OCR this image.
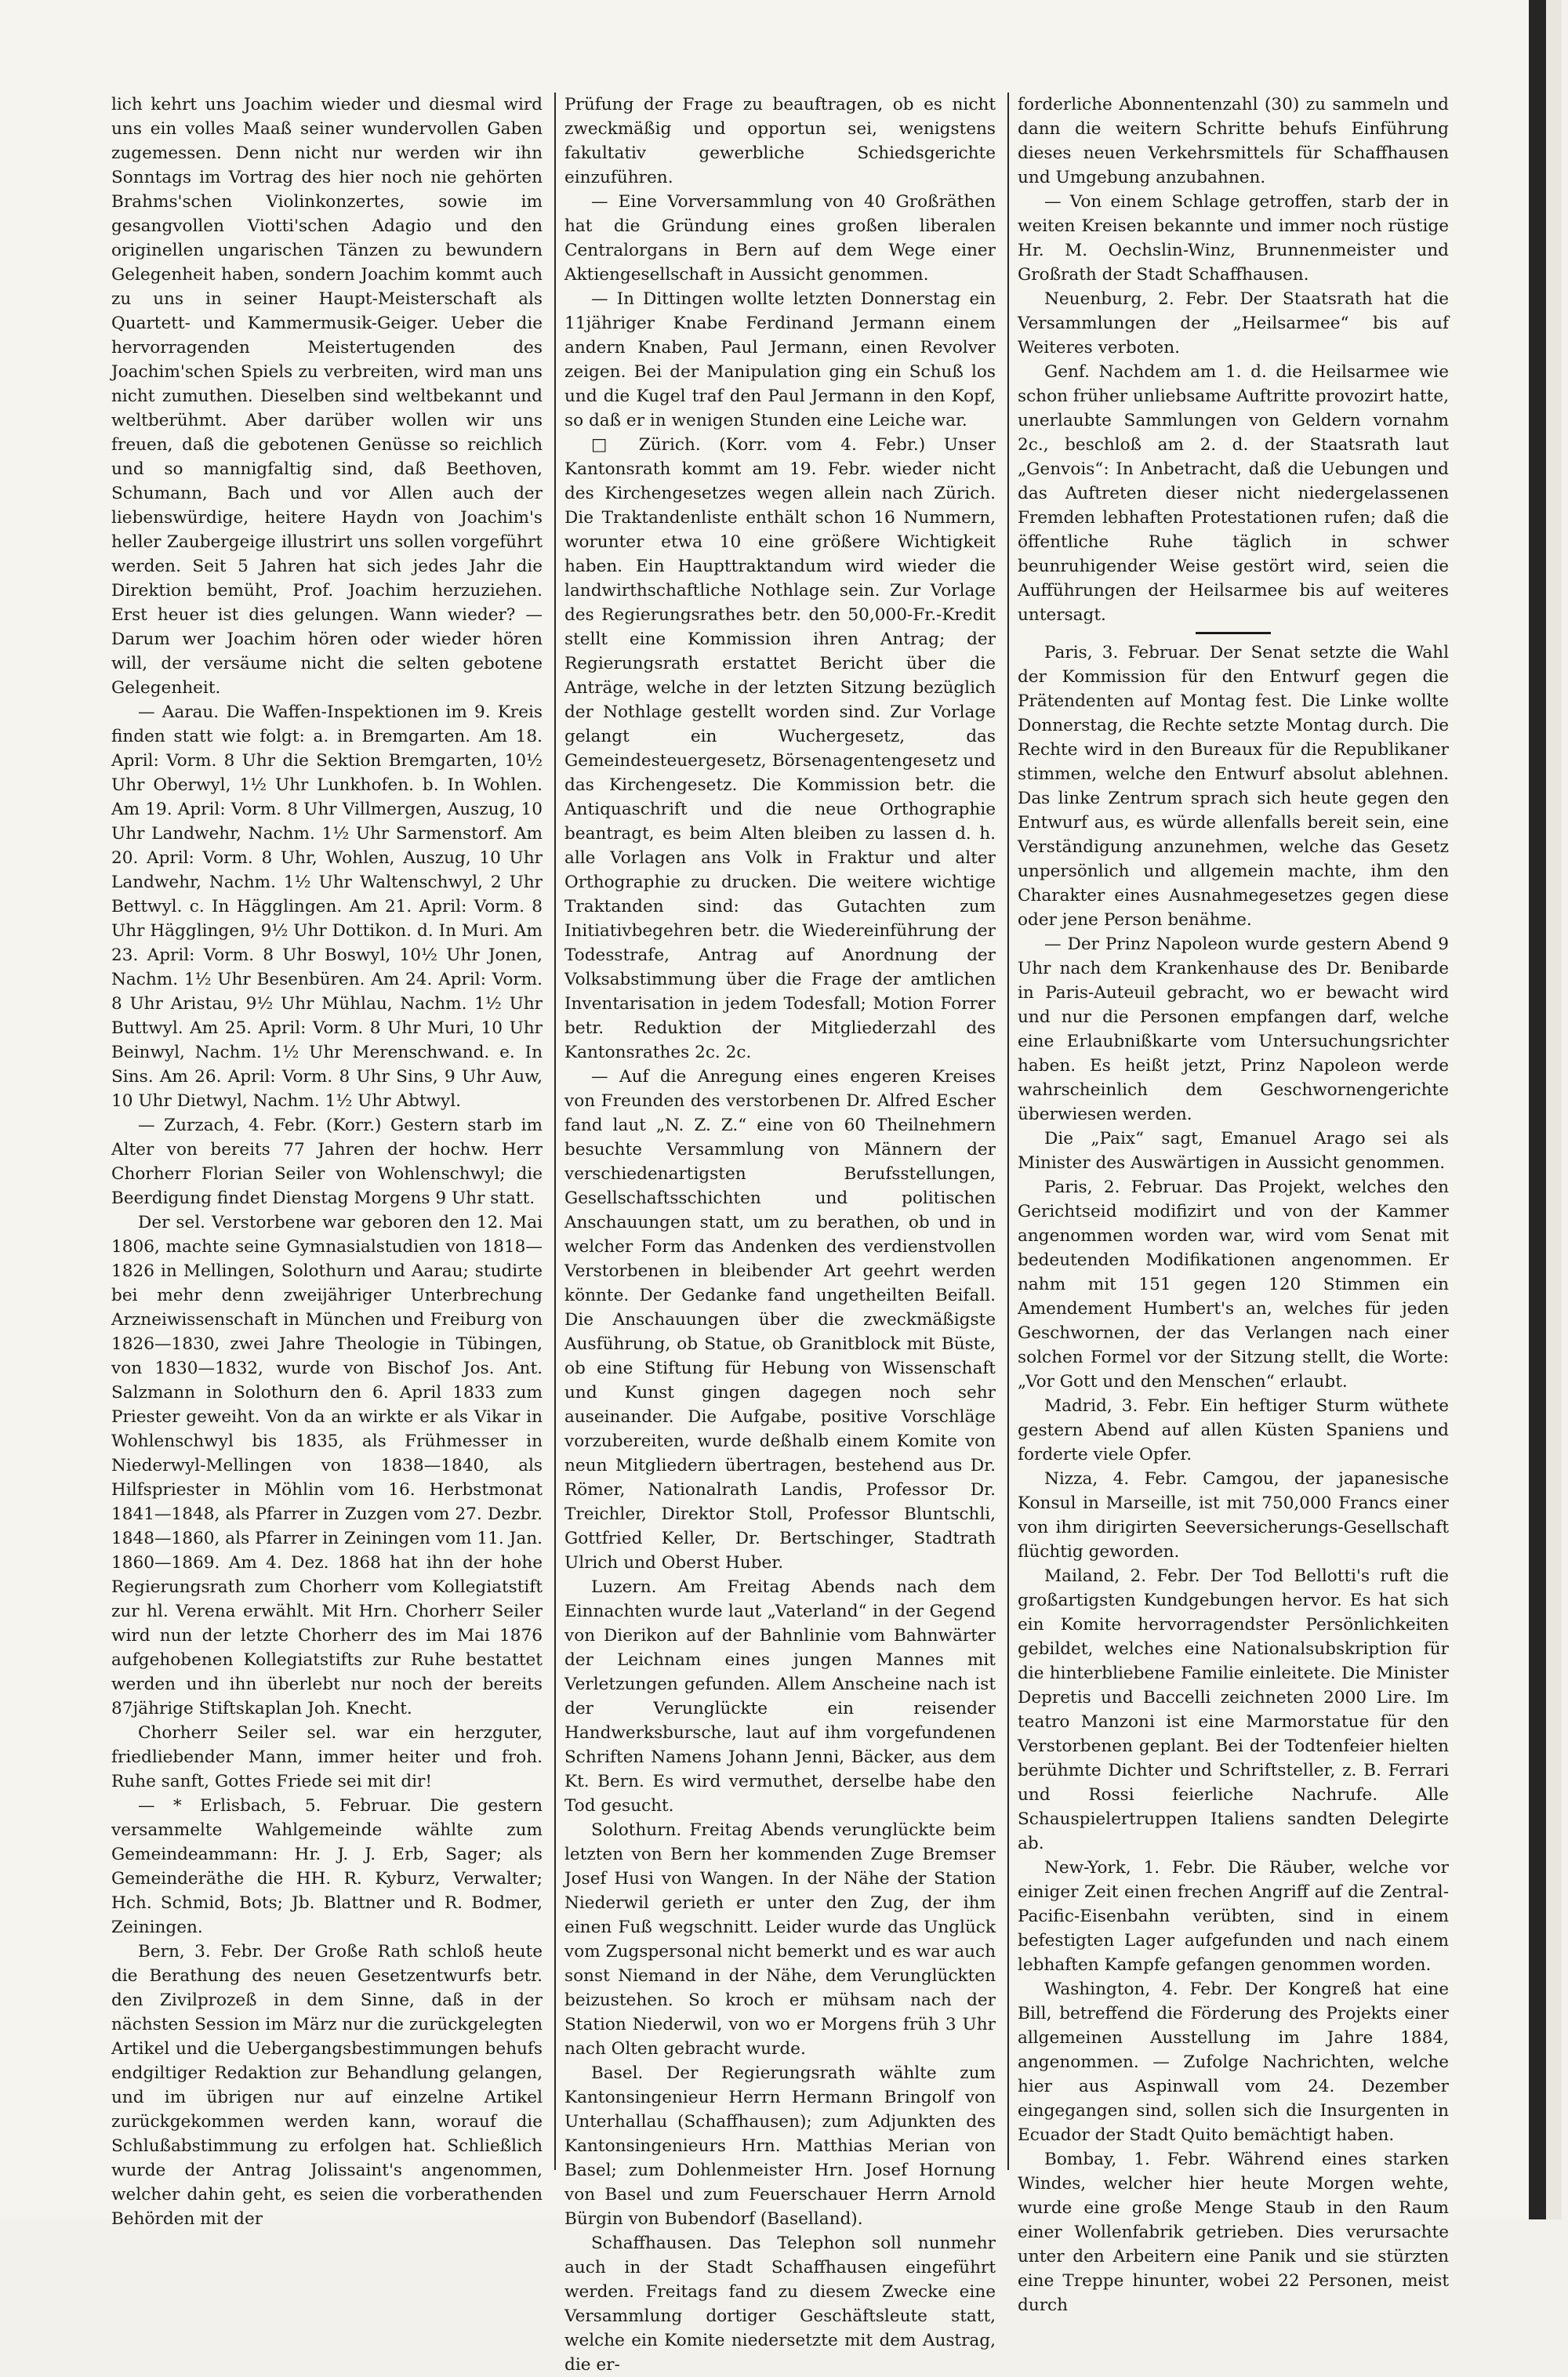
lich kehrt uns Joachim wieder und diesmal wird uns ein volles Maaß seiner wundervollen Gaben zugemessen. Denn nicht nur werden wir ihn Sonntags im Vortrag des hier noch nie gehörten Brahms'schen Violinkonzertes, sowie im gesangvollen Viotti'schen Adagio und den originellen ungarischen Tänzen zu bewundern Gelegenheit haben, sondern Joachim kommt auch zu uns in seiner Haupt-Meisterschaft als Quartett- und Kammermusik-Geiger. Ueber die hervorragenden Meistertugenden des Joachim'schen Spiels zu verbreiten, wird man uns nicht zumuthen. Dieselben sind weltbekannt und weltberühmt. Aber darüber wollen wir uns freuen, daß die gebotenen Genüsse so reichlich und so mannigfaltig sind, daß Beethoven, Schumann, Bach und vor Allen auch der liebenswürdige, heitere Haydn von Joachim's heller Zaubergeige illustrirt uns sollen vorgeführt werden. Seit 5 Jahren hat sich jedes Jahr die Direktion bemüht, Prof. Joachim herzuziehen. Erst heuer ist dies gelungen. Wann wieder? — Darum wer Joachim hören oder wieder hören will, der versäume nicht die selten gebotene Gelegenheit.

— Aarau. Die Waffen-Inspektionen im 9. Kreis finden statt wie folgt: a. in Bremgarten. Am 18. April: Vorm. 8 Uhr die Sektion Bremgarten, 10½ Uhr Oberwyl, 1½ Uhr Lunkhofen. b. In Wohlen. Am 19. April: Vorm. 8 Uhr Villmergen, Auszug, 10 Uhr Landwehr, Nachm. 1½ Uhr Sarmenstorf. Am 20. April: Vorm. 8 Uhr, Wohlen, Auszug, 10 Uhr Landwehr, Nachm. 1½ Uhr Waltenschwyl, 2 Uhr Bettwyl. c. In Hägglingen. Am 21. April: Vorm. 8 Uhr Hägglingen, 9½ Uhr Dottikon. d. In Muri. Am 23. April: Vorm. 8 Uhr Boswyl, 10½ Uhr Jonen, Nachm. 1½ Uhr Besenbüren. Am 24. April: Vorm. 8 Uhr Aristau, 9½ Uhr Mühlau, Nachm. 1½ Uhr Buttwyl. Am 25. April: Vorm. 8 Uhr Muri, 10 Uhr Beinwyl, Nachm. 1½ Uhr Merenschwand. e. In Sins. Am 26. April: Vorm. 8 Uhr Sins, 9 Uhr Auw, 10 Uhr Dietwyl, Nachm. 1½ Uhr Abtwyl.

— Zurzach, 4. Febr. (Korr.) Gestern starb im Alter von bereits 77 Jahren der hochw. Herr Chorherr Florian Seiler von Wohlenschwyl; die Beerdigung findet Dienstag Morgens 9 Uhr statt.

Der sel. Verstorbene war geboren den 12. Mai 1806, machte seine Gymnasialstudien von 1818—1826 in Mellingen, Solothurn und Aarau; studirte bei mehr denn zweijähriger Unterbrechung Arzneiwissenschaft in München und Freiburg von 1826—1830, zwei Jahre Theologie in Tübingen, von 1830—1832, wurde von Bischof Jos. Ant. Salzmann in Solothurn den 6. April 1833 zum Priester geweiht. Von da an wirkte er als Vikar in Wohlenschwyl bis 1835, als Frühmesser in Niederwyl-Mellingen von 1838—1840, als Hilfspriester in Möhlin vom 16. Herbstmonat 1841—1848, als Pfarrer in Zuzgen vom 27. Dezbr. 1848—1860, als Pfarrer in Zeiningen vom 11. Jan. 1860—1869. Am 4. Dez. 1868 hat ihn der hohe Regierungsrath zum Chorherr vom Kollegiatstift zur hl. Verena erwählt. Mit Hrn. Chorherr Seiler wird nun der letzte Chorherr des im Mai 1876 aufgehobenen Kollegiatstifts zur Ruhe bestattet werden und ihn überlebt nur noch der bereits 87jährige Stiftskaplan Joh. Knecht.

Chorherr Seiler sel. war ein herzguter, friedliebender Mann, immer heiter und froh. Ruhe sanft, Gottes Friede sei mit dir!

— * Erlisbach, 5. Februar. Die gestern versammelte Wahlgemeinde wählte zum Gemeindeammann: Hr. J. J. Erb, Sager; als Gemeinderäthe die HH. R. Kyburz, Verwalter; Hch. Schmid, Bots; Jb. Blattner und R. Bodmer, Zeiningen.

Bern, 3. Febr. Der Große Rath schloß heute die Berathung des neuen Gesetzentwurfs betr. den Zivilprozeß in dem Sinne, daß in der nächsten Session im März nur die zurückgelegten Artikel und die Uebergangsbestimmungen behufs endgiltiger Redaktion zur Behandlung gelangen, und im übrigen nur auf einzelne Artikel zurückgekommen werden kann, worauf die Schlußabstimmung zu erfolgen hat. Schließlich wurde der Antrag Jolissaint's angenommen, welcher dahin geht, es seien die vorberathenden Behörden mit der

Prüfung der Frage zu beauftragen, ob es nicht zweckmäßig und opportun sei, wenigstens fakultativ gewerbliche Schiedsgerichte einzuführen.

— Eine Vorversammlung von 40 Großräthen hat die Gründung eines großen liberalen Centralorgans in Bern auf dem Wege einer Aktiengesellschaft in Aussicht genommen.

— In Dittingen wollte letzten Donnerstag ein 11jähriger Knabe Ferdinand Jermann einem andern Knaben, Paul Jermann, einen Revolver zeigen. Bei der Manipulation ging ein Schuß los und die Kugel traf den Paul Jermann in den Kopf, so daß er in wenigen Stunden eine Leiche war.

□ Zürich. (Korr. vom 4. Febr.) Unser Kantonsrath kommt am 19. Febr. wieder nicht des Kirchengesetzes wegen allein nach Zürich. Die Traktandenliste enthält schon 16 Nummern, worunter etwa 10 eine größere Wichtigkeit haben. Ein Haupttraktandum wird wieder die landwirthschaftliche Nothlage sein. Zur Vorlage des Regierungsrathes betr. den 50,000-Fr.-Kredit stellt eine Kommission ihren Antrag; der Regierungsrath erstattet Bericht über die Anträge, welche in der letzten Sitzung bezüglich der Nothlage gestellt worden sind. Zur Vorlage gelangt ein Wuchergesetz, das Gemeindesteuergesetz, Börsenagentengesetz und das Kirchengesetz. Die Kommission betr. die Antiquaschrift und die neue Orthographie beantragt, es beim Alten bleiben zu lassen d. h. alle Vorlagen ans Volk in Fraktur und alter Orthographie zu drucken. Die weitere wichtige Traktanden sind: das Gutachten zum Initiativbegehren betr. die Wiedereinführung der Todesstrafe, Antrag auf Anordnung der Volksabstimmung über die Frage der amtlichen Inventarisation in jedem Todesfall; Motion Forrer betr. Reduktion der Mitgliederzahl des Kantonsrathes 2c. 2c.

— Auf die Anregung eines engeren Kreises von Freunden des verstorbenen Dr. Alfred Escher fand laut „N. Z. Z.“ eine von 60 Theilnehmern besuchte Versammlung von Männern der verschiedenartigsten Berufsstellungen, Gesellschaftsschichten und politischen Anschauungen statt, um zu berathen, ob und in welcher Form das Andenken des verdienstvollen Verstorbenen in bleibender Art geehrt werden könnte. Der Gedanke fand ungetheilten Beifall. Die Anschauungen über die zweckmäßigste Ausführung, ob Statue, ob Granitblock mit Büste, ob eine Stiftung für Hebung von Wissenschaft und Kunst gingen dagegen noch sehr auseinander. Die Aufgabe, positive Vorschläge vorzubereiten, wurde deßhalb einem Komite von neun Mitgliedern übertragen, bestehend aus Dr. Römer, Nationalrath Landis, Professor Dr. Treichler, Direktor Stoll, Professor Bluntschli, Gottfried Keller, Dr. Bertschinger, Stadtrath Ulrich und Oberst Huber.

Luzern. Am Freitag Abends nach dem Einnachten wurde laut „Vaterland“ in der Gegend von Dierikon auf der Bahnlinie vom Bahnwärter der Leichnam eines jungen Mannes mit Verletzungen gefunden. Allem Anscheine nach ist der Verunglückte ein reisender Handwerksbursche, laut auf ihm vorgefundenen Schriften Namens Johann Jenni, Bäcker, aus dem Kt. Bern. Es wird vermuthet, derselbe habe den Tod gesucht.

Solothurn. Freitag Abends verunglückte beim letzten von Bern her kommenden Zuge Bremser Josef Husi von Wangen. In der Nähe der Station Niederwil gerieth er unter den Zug, der ihm einen Fuß wegschnitt. Leider wurde das Unglück vom Zugspersonal nicht bemerkt und es war auch sonst Niemand in der Nähe, dem Verunglückten beizustehen. So kroch er mühsam nach der Station Niederwil, von wo er Morgens früh 3 Uhr nach Olten gebracht wurde.

Basel. Der Regierungsrath wählte zum Kantonsingenieur Herrn Hermann Bringolf von Unterhallau (Schaffhausen); zum Adjunkten des Kantonsingenieurs Hrn. Matthias Merian von Basel; zum Dohlenmeister Hrn. Josef Hornung von Basel und zum Feuerschauer Herrn Arnold Bürgin von Bubendorf (Baselland).

Schaffhausen. Das Telephon soll nunmehr auch in der Stadt Schaffhausen eingeführt werden. Freitags fand zu diesem Zwecke eine Versammlung dortiger Geschäftsleute statt, welche ein Komite niedersetzte mit dem Austrag, die er-

forderliche Abonnentenzahl (30) zu sammeln und dann die weitern Schritte behufs Einführung dieses neuen Verkehrsmittels für Schaffhausen und Umgebung anzubahnen.

— Von einem Schlage getroffen, starb der in weiten Kreisen bekannte und immer noch rüstige Hr. M. Oechslin-Winz, Brunnenmeister und Großrath der Stadt Schaffhausen.

Neuenburg, 2. Febr. Der Staatsrath hat die Versammlungen der „Heilsarmee“ bis auf Weiteres verboten.

Genf. Nachdem am 1. d. die Heilsarmee wie schon früher unliebsame Auftritte provozirt hatte, unerlaubte Sammlungen von Geldern vornahm 2c., beschloß am 2. d. der Staatsrath laut „Genvois“: In Anbetracht, daß die Uebungen und das Auftreten dieser nicht niedergelassenen Fremden lebhaften Protestationen rufen; daß die öffentliche Ruhe täglich in schwer beunruhigender Weise gestört wird, seien die Aufführungen der Heilsarmee bis auf weiteres untersagt.

Paris, 3. Februar. Der Senat setzte die Wahl der Kommission für den Entwurf gegen die Prätendenten auf Montag fest. Die Linke wollte Donnerstag, die Rechte setzte Montag durch. Die Rechte wird in den Bureaux für die Republikaner stimmen, welche den Entwurf absolut ablehnen. Das linke Zentrum sprach sich heute gegen den Entwurf aus, es würde allenfalls bereit sein, eine Verständigung anzunehmen, welche das Gesetz unpersönlich und allgemein machte, ihm den Charakter eines Ausnahmegesetzes gegen diese oder jene Person benähme.

— Der Prinz Napoleon wurde gestern Abend 9 Uhr nach dem Krankenhause des Dr. Benibarde in Paris-Auteuil gebracht, wo er bewacht wird und nur die Personen empfangen darf, welche eine Erlaubnißkarte vom Untersuchungsrichter haben. Es heißt jetzt, Prinz Napoleon werde wahrscheinlich dem Geschwornengerichte überwiesen werden.

Die „Paix“ sagt, Emanuel Arago sei als Minister des Auswärtigen in Aussicht genommen.

Paris, 2. Februar. Das Projekt, welches den Gerichtseid modifizirt und von der Kammer angenommen worden war, wird vom Senat mit bedeutenden Modifikationen angenommen. Er nahm mit 151 gegen 120 Stimmen ein Amendement Humbert's an, welches für jeden Geschwornen, der das Verlangen nach einer solchen Formel vor der Sitzung stellt, die Worte: „Vor Gott und den Menschen“ erlaubt.

Madrid, 3. Febr. Ein heftiger Sturm wüthete gestern Abend auf allen Küsten Spaniens und forderte viele Opfer.

Nizza, 4. Febr. Camgou, der japanesische Konsul in Marseille, ist mit 750,000 Francs einer von ihm dirigirten Seeversicherungs-Gesellschaft flüchtig geworden.

Mailand, 2. Febr. Der Tod Bellotti's ruft die großartigsten Kundgebungen hervor. Es hat sich ein Komite hervorragendster Persönlichkeiten gebildet, welches eine Nationalsubskription für die hinterbliebene Familie einleitete. Die Minister Depretis und Baccelli zeichneten 2000 Lire. Im teatro Manzoni ist eine Marmorstatue für den Verstorbenen geplant. Bei der Todtenfeier hielten berühmte Dichter und Schriftsteller, z. B. Ferrari und Rossi feierliche Nachrufe. Alle Schauspielertruppen Italiens sandten Delegirte ab.

New-York, 1. Febr. Die Räuber, welche vor einiger Zeit einen frechen Angriff auf die Zentral-Pacific-Eisenbahn verübten, sind in einem befestigten Lager aufgefunden und nach einem lebhaften Kampfe gefangen genommen worden.

Washington, 4. Febr. Der Kongreß hat eine Bill, betreffend die Förderung des Projekts einer allgemeinen Ausstellung im Jahre 1884, angenommen. — Zufolge Nachrichten, welche hier aus Aspinwall vom 24. Dezember eingegangen sind, sollen sich die Insurgenten in Ecuador der Stadt Quito bemächtigt haben.

Bombay, 1. Febr. Während eines starken Windes, welcher hier heute Morgen wehte, wurde eine große Menge Staub in den Raum einer Wollenfabrik getrieben. Dies verursachte unter den Arbeitern eine Panik und sie stürzten eine Treppe hinunter, wobei 22 Personen, meist durch
